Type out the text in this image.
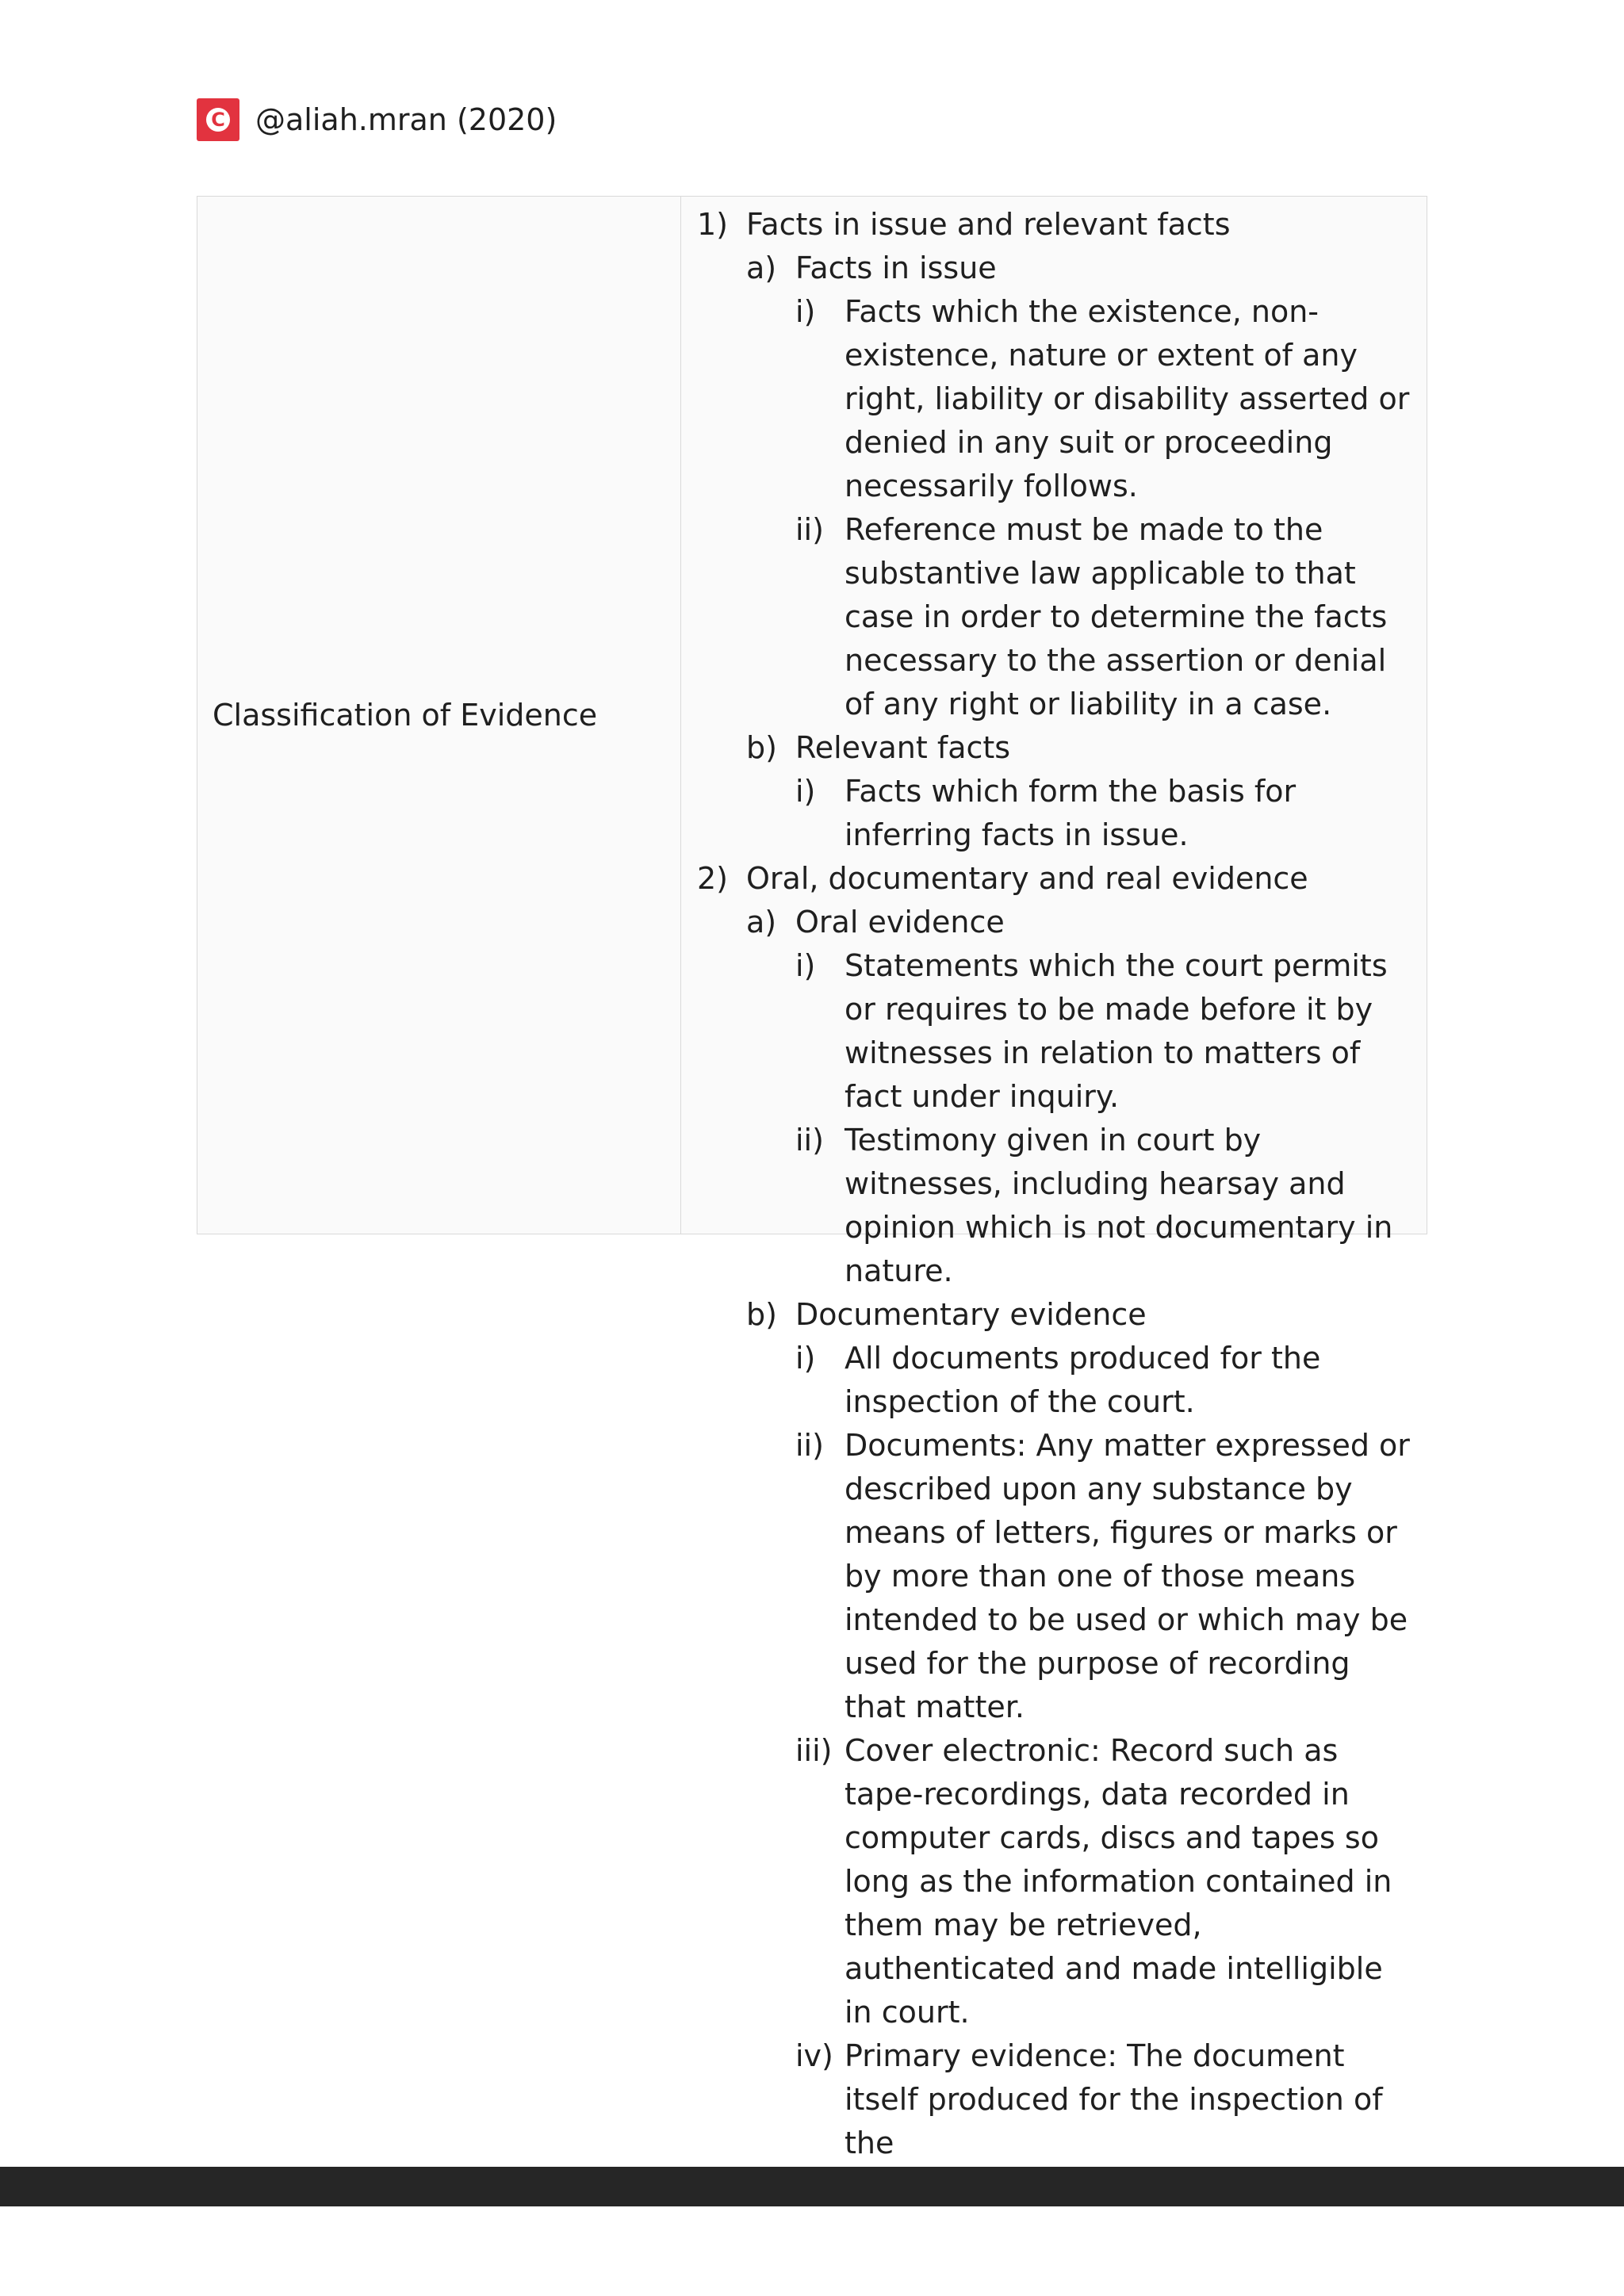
C @aliah.mran (2020)
Classification of Evidence
1) Facts in issue and relevant facts
a) Facts in issue
i) Facts which the existence, non-existence, nature or extent of any right, liability or disability asserted or denied in any suit or proceeding necessarily follows.
ii) Reference must be made to the substantive law applicable to that case in order to determine the facts necessary to the assertion or denial of any right or liability in a case.
b) Relevant facts
i) Facts which form the basis for inferring facts in issue.
2) Oral, documentary and real evidence
a) Oral evidence
i) Statements which the court permits or requires to be made before it by witnesses in relation to matters of fact under inquiry.
ii) Testimony given in court by witnesses, including hearsay and opinion which is not documentary in nature.
b) Documentary evidence
i) All documents produced for the inspection of the court.
ii) Documents: Any matter expressed or described upon any substance by means of letters, figures or marks or by more than one of those means intended to be used or which may be used for the purpose of recording that matter.
iii) Cover electronic: Record such as tape-recordings, data recorded in computer cards, discs and tapes so long as the information contained in them may be retrieved, authenticated and made intelligible in court.
iv) Primary evidence: The document itself produced for the inspection of the
